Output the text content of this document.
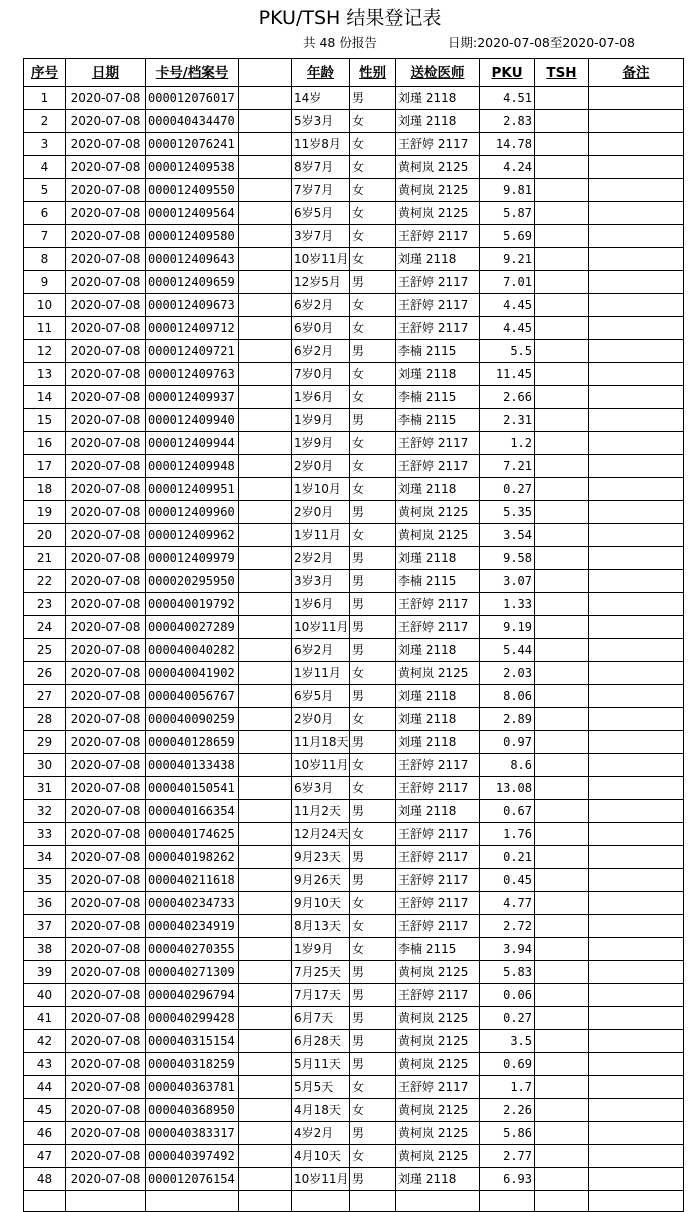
PKU/TSH 结果登记表
共 48 份报告	日期:2020-07-08至2020-07-08
序号	日期	卡号/档案号		年龄	性别	送检医师	PKU	TSH	备注
1	2020-07-08	000012076017		14岁	男	刘瑾 2118	4.51		
2	2020-07-08	000040434470		5岁3月	女	刘瑾 2118	2.83		
3	2020-07-08	000012076241		11岁8月	女	王舒婷 2117	14.78		
4	2020-07-08	000012409538		8岁7月	女	黄柯岚 2125	4.24		
5	2020-07-08	000012409550		7岁7月	女	黄柯岚 2125	9.81		
6	2020-07-08	000012409564		6岁5月	女	黄柯岚 2125	5.87		
7	2020-07-08	000012409580		3岁7月	女	王舒婷 2117	5.69		
8	2020-07-08	000012409643		10岁11月	女	刘瑾 2118	9.21		
9	2020-07-08	000012409659		12岁5月	男	王舒婷 2117	7.01		
10	2020-07-08	000012409673		6岁2月	女	王舒婷 2117	4.45		
11	2020-07-08	000012409712		6岁0月	女	王舒婷 2117	4.45		
12	2020-07-08	000012409721		6岁2月	男	李楠 2115	5.5		
13	2020-07-08	000012409763		7岁0月	女	刘瑾 2118	11.45		
14	2020-07-08	000012409937		1岁6月	女	李楠 2115	2.66		
15	2020-07-08	000012409940		1岁9月	男	李楠 2115	2.31		
16	2020-07-08	000012409944		1岁9月	女	王舒婷 2117	1.2		
17	2020-07-08	000012409948		2岁0月	女	王舒婷 2117	7.21		
18	2020-07-08	000012409951		1岁10月	女	刘瑾 2118	0.27		
19	2020-07-08	000012409960		2岁0月	男	黄柯岚 2125	5.35		
20	2020-07-08	000012409962		1岁11月	女	黄柯岚 2125	3.54		
21	2020-07-08	000012409979		2岁2月	男	刘瑾 2118	9.58		
22	2020-07-08	000020295950		3岁3月	男	李楠 2115	3.07		
23	2020-07-08	000040019792		1岁6月	男	王舒婷 2117	1.33		
24	2020-07-08	000040027289		10岁11月	男	王舒婷 2117	9.19		
25	2020-07-08	000040040282		6岁2月	男	刘瑾 2118	5.44		
26	2020-07-08	000040041902		1岁11月	女	黄柯岚 2125	2.03		
27	2020-07-08	000040056767		6岁5月	男	刘瑾 2118	8.06		
28	2020-07-08	000040090259		2岁0月	女	刘瑾 2118	2.89		
29	2020-07-08	000040128659		11月18天	男	刘瑾 2118	0.97		
30	2020-07-08	000040133438		10岁11月	女	王舒婷 2117	8.6		
31	2020-07-08	000040150541		6岁3月	女	王舒婷 2117	13.08		
32	2020-07-08	000040166354		11月2天	男	刘瑾 2118	0.67		
33	2020-07-08	000040174625		12月24天	女	王舒婷 2117	1.76		
34	2020-07-08	000040198262		9月23天	男	王舒婷 2117	0.21		
35	2020-07-08	000040211618		9月26天	男	王舒婷 2117	0.45		
36	2020-07-08	000040234733		9月10天	女	王舒婷 2117	4.77		
37	2020-07-08	000040234919		8月13天	女	王舒婷 2117	2.72		
38	2020-07-08	000040270355		1岁9月	女	李楠 2115	3.94		
39	2020-07-08	000040271309		7月25天	男	黄柯岚 2125	5.83		
40	2020-07-08	000040296794		7月17天	男	王舒婷 2117	0.06		
41	2020-07-08	000040299428		6月7天	男	黄柯岚 2125	0.27		
42	2020-07-08	000040315154		6月28天	男	黄柯岚 2125	3.5		
43	2020-07-08	000040318259		5月11天	男	黄柯岚 2125	0.69		
44	2020-07-08	000040363781		5月5天	女	王舒婷 2117	1.7		
45	2020-07-08	000040368950		4月18天	女	黄柯岚 2125	2.26		
46	2020-07-08	000040383317		4岁2月	男	黄柯岚 2125	5.86		
47	2020-07-08	000040397492		4月10天	女	黄柯岚 2125	2.77		
48	2020-07-08	000012076154		10岁11月	男	刘瑾 2118	6.93		
